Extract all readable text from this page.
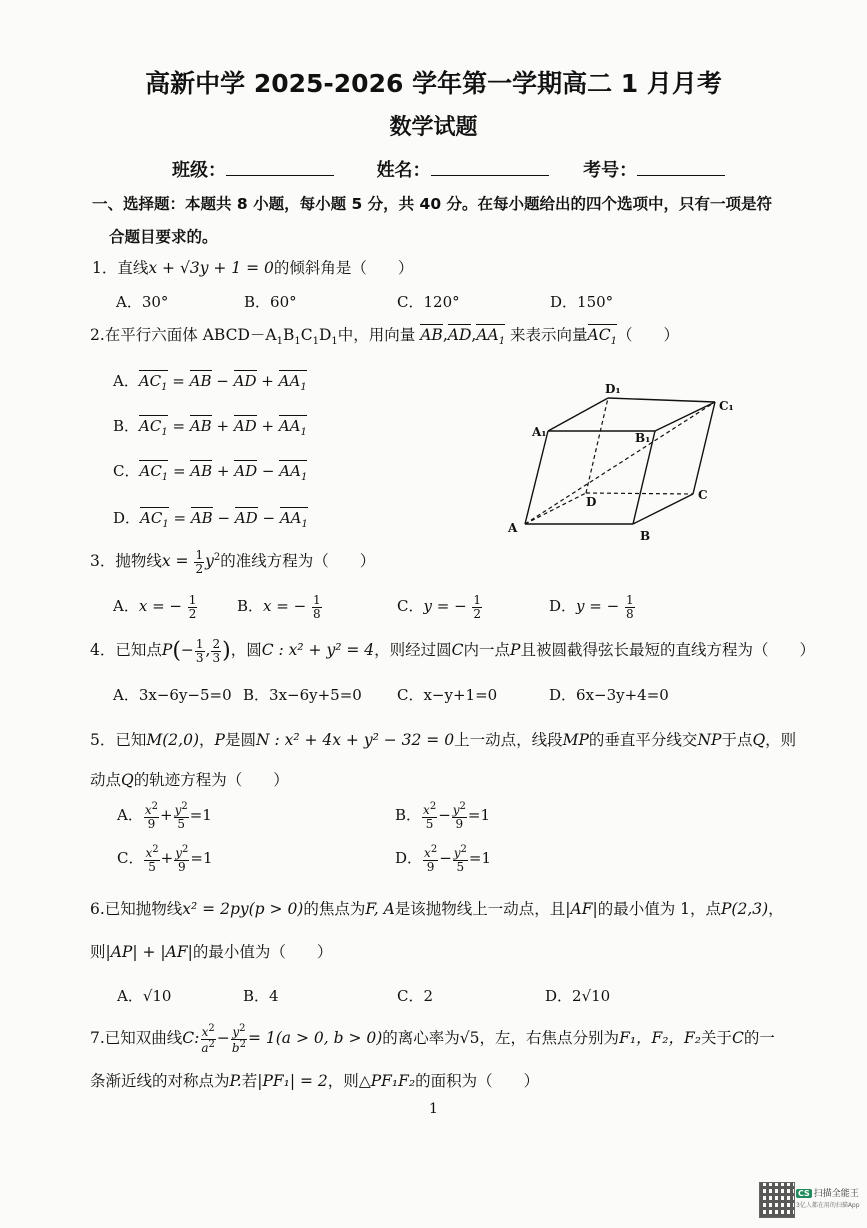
高新中学 2025-2026 学年第一学期高二 1 月月考
数学试题
班级：	姓名：	考号：
一、选择题：本题共 8 小题，每小题 5 分，共 40 分。在每小题给出的四个选项中，只有一项是符
合题目要求的。
1．直线x + √3y + 1 = 0的倾斜角是（　　）
A．30°	B．60°	C．120°	D．150°
2.在平行六面体 $ABCD-A_1B_1C_1D_1$中，用向量 $AB,AD,AA_1$ 来表示向量$AC_1$（　　）
A．$AC_1$ = AB − AD + $AA_1$
B．$AC_1$ = AB + AD + $AA_1$
C．$AC_1$ = AB + AD − $AA_1$
D．$AC_1$ = AB − AD − $AA_1$	A
B
C
D
A₁	B₁
C₁
D₁
3．抛物线$x = \frac{1}{2} y^2$的准线方程为（　　）
A．x = − $\frac{1}{2}$	B．x = − $\frac{1}{8}$	C．y = − $\frac{1}{2}$	D．y = − $\frac{1}{8}$
4．已知点$P(- \frac{1}{3}$ , $\frac{2}{3}$ )，圆C : x² + y² = 4，则经过圆C内一点P且被圆截得弦长最短的直线方程为（　　）
A．3x−6y−5=0 B．3x−6y+5=0 C．x−y+1=0	D．6x−3y+4=0
5．已知M(2,0)，P是圆N : x² + 4x + y² − 32 = 0上一动点，线段MP的垂直平分线交NP于点Q，则
动点Q的轨迹方程为（　　）
A． $\frac{x^2}{9} + \frac{y^2}{5} =1$	B． $\frac{x^2}{5} - \frac{y^2}{9} =1$
C． $\frac{x^2}{5} + \frac{y^2}{9} =1$	D． $\frac{x^2}{9} - \frac{y^2}{5} =1$
6.已知抛物线x² = 2py(p > 0)的焦点为F, A是该抛物线上一动点，且|AF|的最小值为 1，点P(2,3)，
则|AP| + |AF|的最小值为（　　）
A．√10	B．4	C．2	D．2√10
7.已知双曲线C: $\frac{x^2}{a^2} - \frac{y^2}{b^2} = 1(a > 0$, b > 0)的离心率为√5，左，右焦点分别为F₁，F₂，F₂关于C的一
条渐近线的对称点为P.若|PF₁| = 2，则△PF₁F₂的面积为（　　）
1
CS 扫描全能王
3亿人都在用的扫描App
